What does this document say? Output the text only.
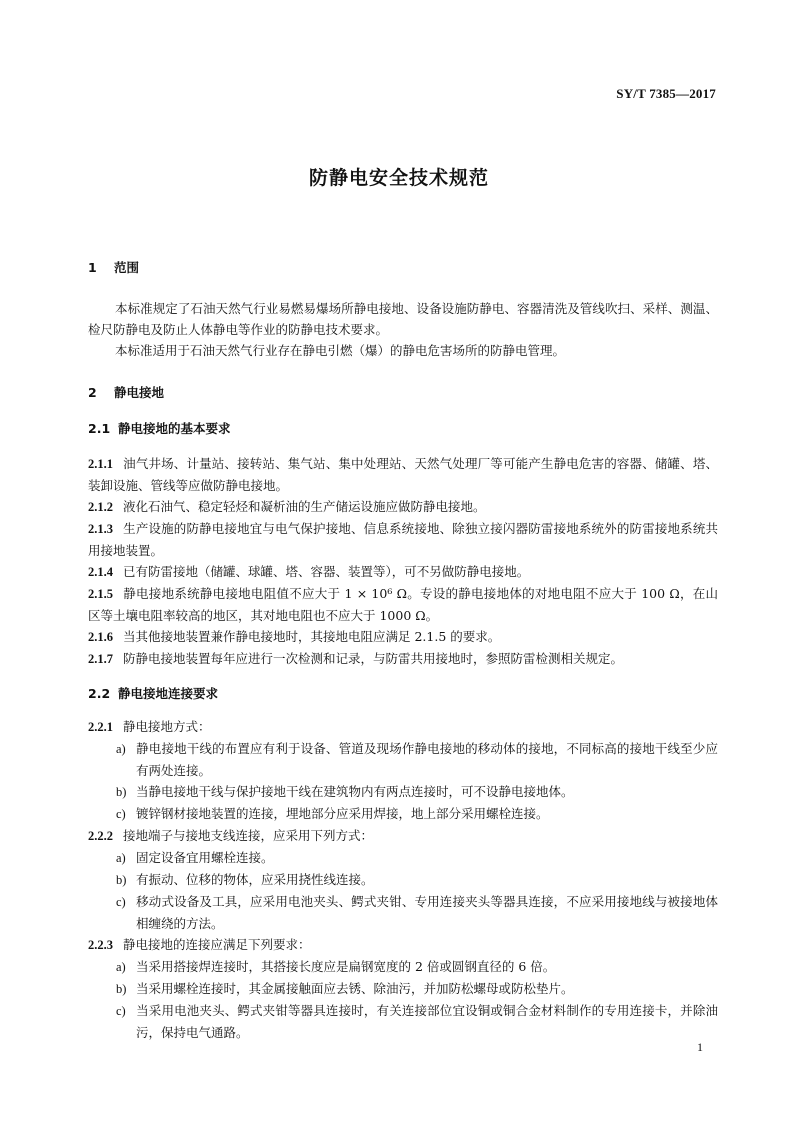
SY/T 7385—2017
防静电安全技术规范
1 范围

本标准规定了石油天然气行业易燃易爆场所静电接地、设备设施防静电、容器清洗及管线吹扫、采样、测温、检尺防静电及防止人体静电等作业的防静电技术要求。

本标准适用于石油天然气行业存在静电引燃（爆）的静电危害场所的防静电管理。

2 静电接地
2.1 静电接地的基本要求

2.1.1 油气井场、计量站、接转站、集气站、集中处理站、天然气处理厂等可能产生静电危害的容器、储罐、塔、装卸设施、管线等应做防静电接地。

2.1.2 液化石油气、稳定轻烃和凝析油的生产储运设施应做防静电接地。

2.1.3 生产设施的防静电接地宜与电气保护接地、信息系统接地、除独立接闪器防雷接地系统外的防雷接地系统共用接地装置。

2.1.4 已有防雷接地（储罐、球罐、塔、容器、装置等），可不另做防静电接地。

2.1.5 静电接地系统静电接地电阻值不应大于 1 × 10⁶ Ω。专设的静电接地体的对地电阻不应大于 100 Ω，在山区等土壤电阻率较高的地区，其对地电阻也不应大于 1000 Ω。

2.1.6 当其他接地装置兼作静电接地时，其接地电阻应满足 2.1.5 的要求。

2.1.7 防静电接地装置每年应进行一次检测和记录，与防雷共用接地时，参照防雷检测相关规定。

2.2 静电接地连接要求

2.2.1 静电接地方式：

a) 静电接地干线的布置应有利于设备、管道及现场作静电接地的移动体的接地，不同标高的接地干线至少应有两处连接。

b) 当静电接地干线与保护接地干线在建筑物内有两点连接时，可不设静电接地体。

c) 镀锌钢材接地装置的连接，埋地部分应采用焊接，地上部分采用螺栓连接。

2.2.2 接地端子与接地支线连接，应采用下列方式：

a) 固定设备宜用螺栓连接。

b) 有振动、位移的物体，应采用挠性线连接。

c) 移动式设备及工具，应采用电池夹头、鳄式夹钳、专用连接夹头等器具连接，不应采用接地线与被接地体相缠绕的方法。

2.2.3 静电接地的连接应满足下列要求：

a) 当采用搭接焊连接时，其搭接长度应是扁钢宽度的 2 倍或圆钢直径的 6 倍。

b) 当采用螺栓连接时，其金属接触面应去锈、除油污，并加防松螺母或防松垫片。

c) 当采用电池夹头、鳄式夹钳等器具连接时，有关连接部位宜设铜或铜合金材料制作的专用连接卡，并除油污，保持电气通路。

1
